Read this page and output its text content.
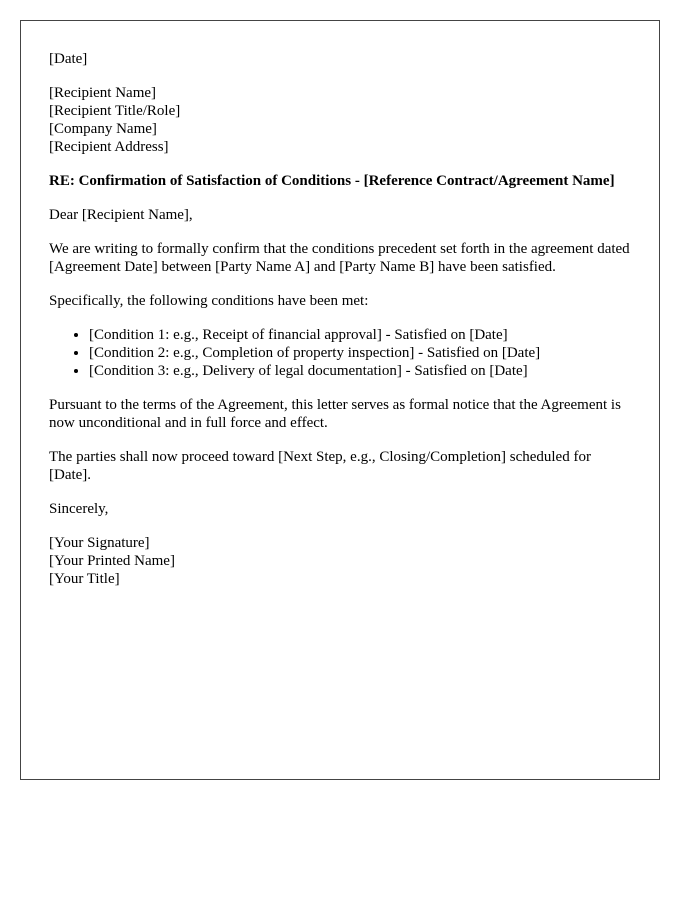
[Date]
[Recipient Name]
[Recipient Title/Role]
[Company Name]
[Recipient Address]
RE: Confirmation of Satisfaction of Conditions - [Reference Contract/Agreement Name]

Dear [Recipient Name],

We are writing to formally confirm that the conditions precedent set forth in the agreement dated [Agreement Date] between [Party Name A] and [Party Name B] have been satisfied.

Specifically, the following conditions have been met:

• [Condition 1: e.g., Receipt of financial approval] - Satisfied on [Date]
• [Condition 2: e.g., Completion of property inspection] - Satisfied on [Date]
• [Condition 3: e.g., Delivery of legal documentation] - Satisfied on [Date]

Pursuant to the terms of the Agreement, this letter serves as formal notice that the Agreement is now unconditional and in full force and effect.

The parties shall now proceed toward [Next Step, e.g., Closing/Completion] scheduled for [Date].

Sincerely,

[Your Signature]
[Your Printed Name]
[Your Title]
